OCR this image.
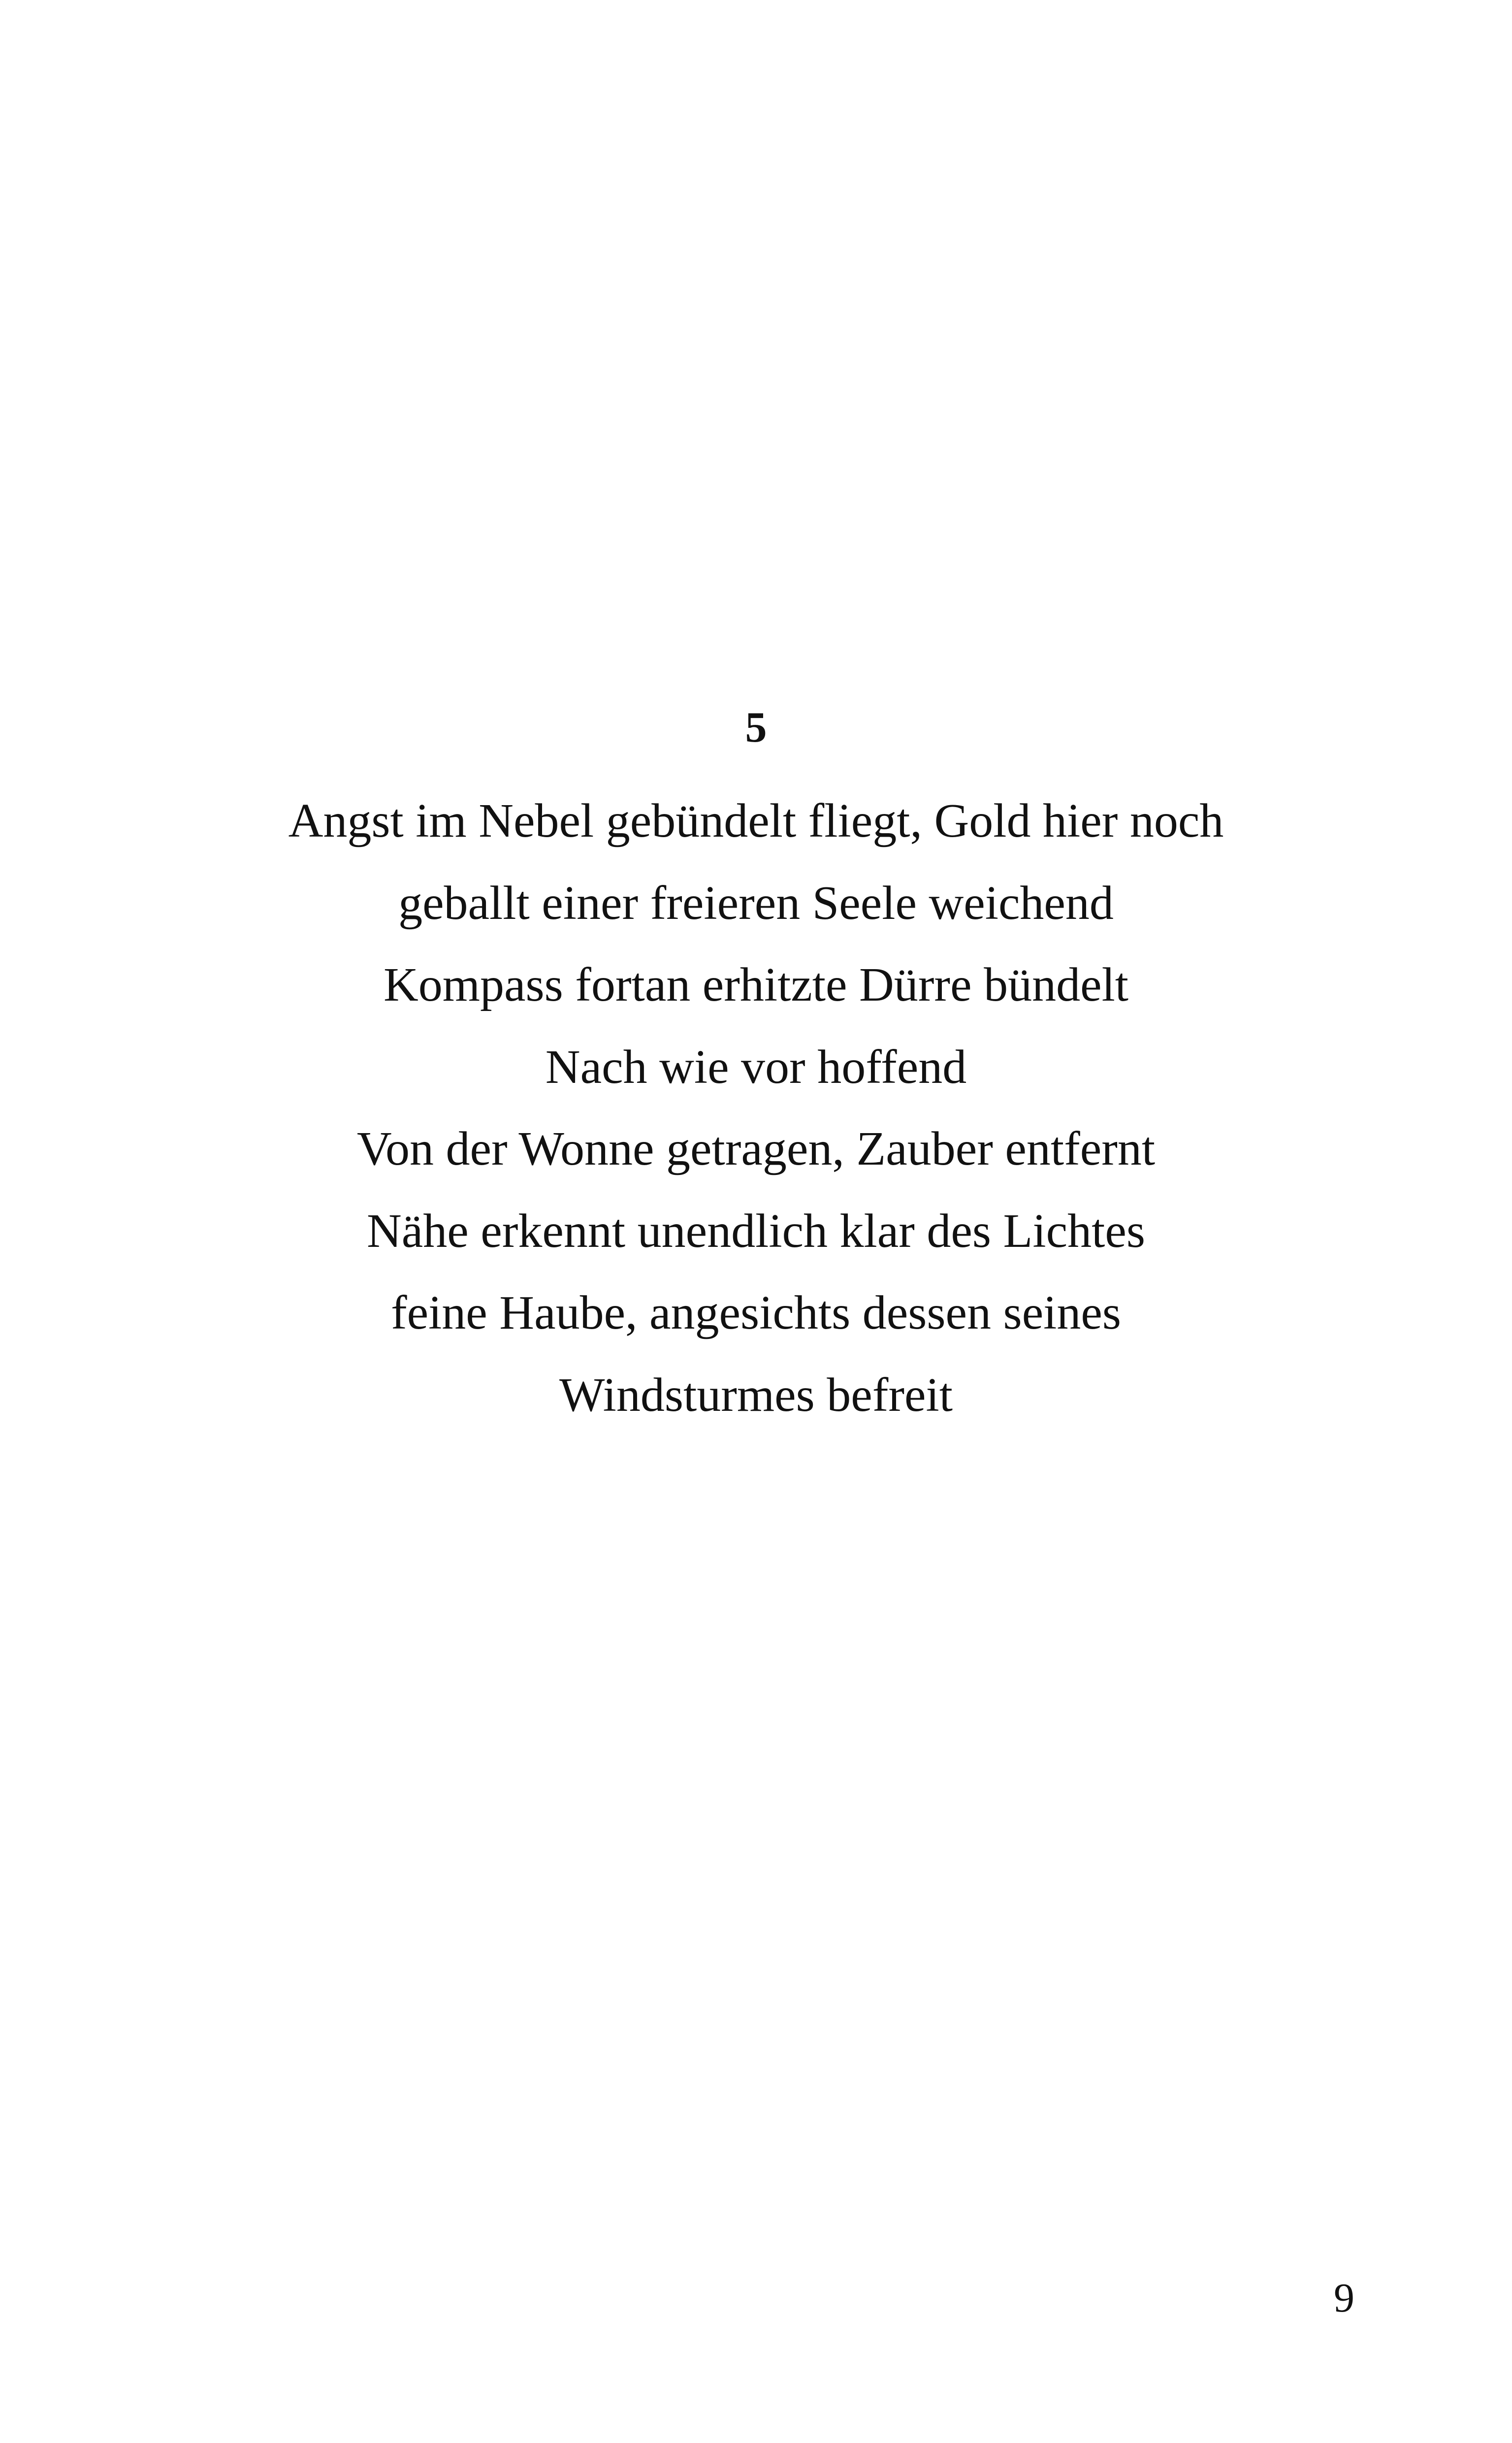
5
Angst im Nebel gebündelt fliegt, Gold hier noch
geballt einer freieren Seele weichend
Kompass fortan erhitzte Dürre bündelt
Nach wie vor hoffend
Von der Wonne getragen, Zauber entfernt
Nähe erkennt unendlich klar des Lichtes
feine Haube, angesichts dessen seines
Windsturmes befreit
9
